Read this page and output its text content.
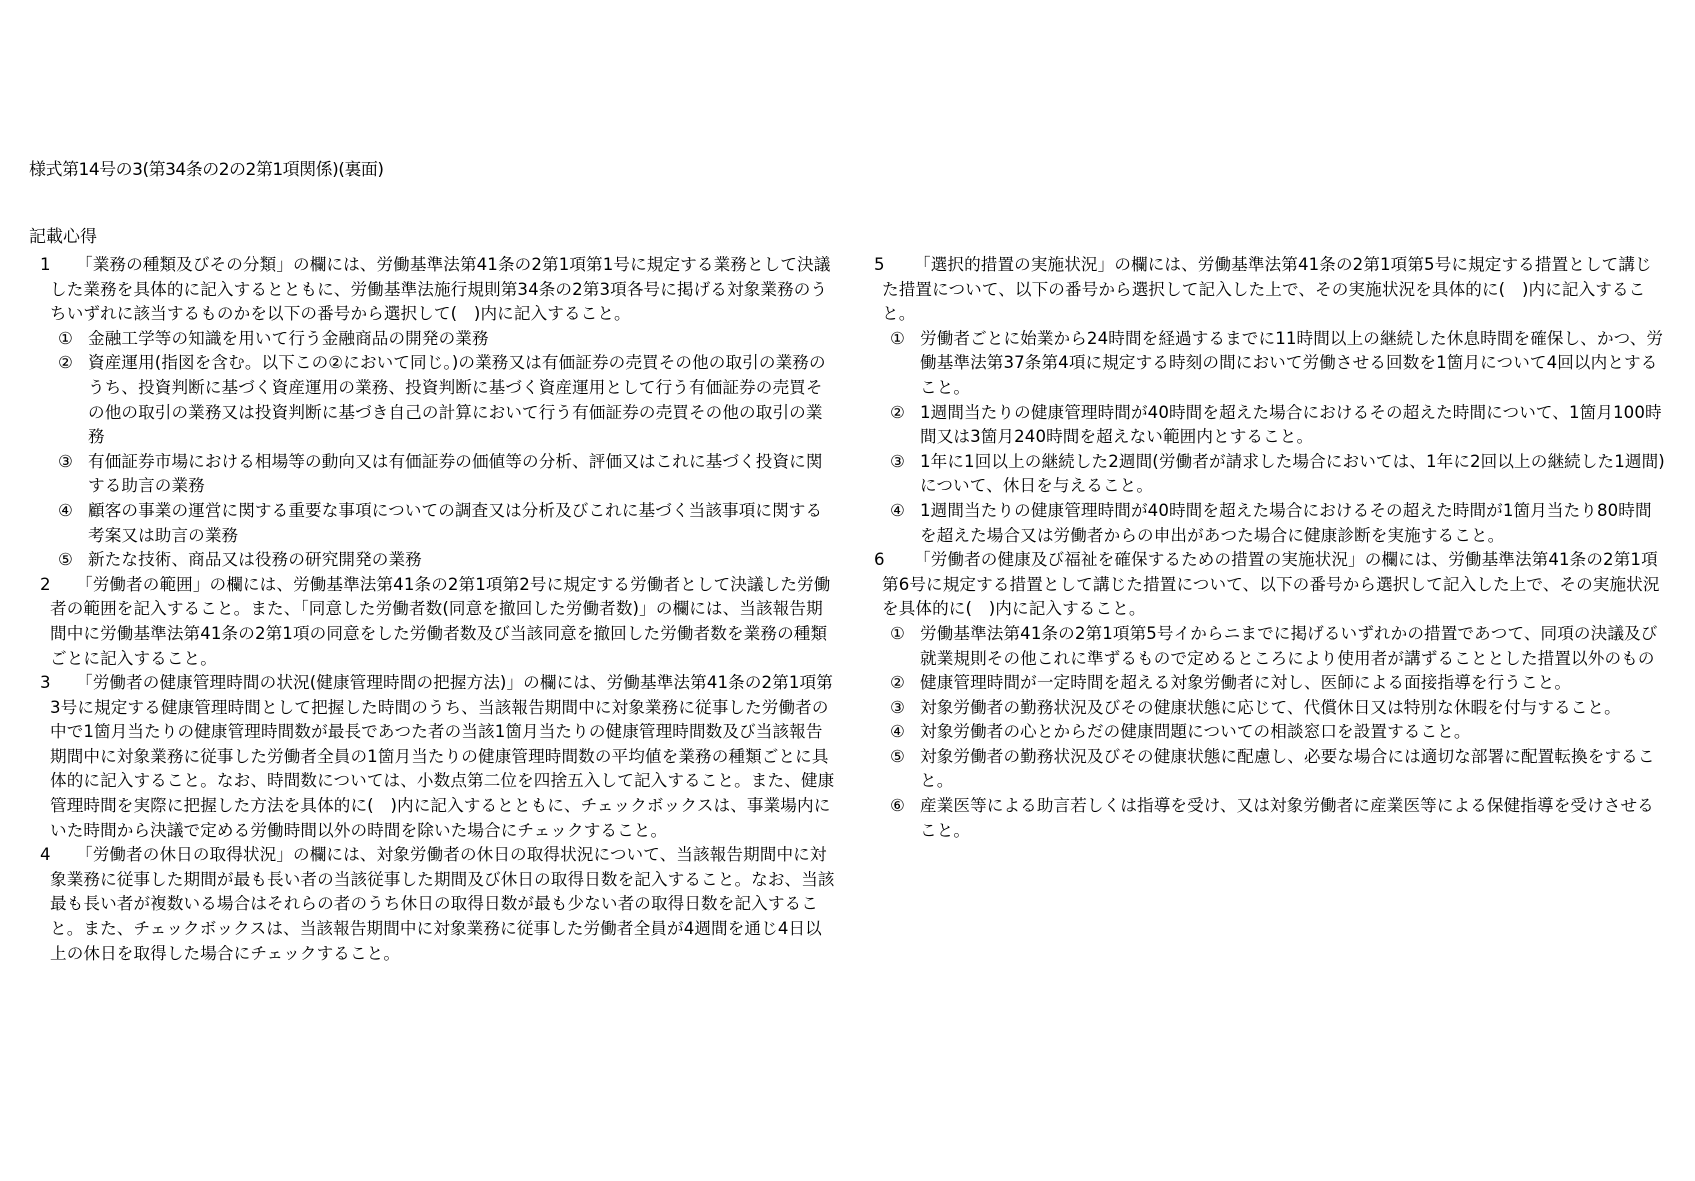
様式第14号の3(第34条の2の2第1項関係)(裏面)
記載心得
1	「業務の種類及びその分類」の欄には、労働基準法第41条の2第1項第1号に規定する業務として決議した業務を具体的に記入するとともに、労働基準法施行規則第34条の2第3項各号に掲げる対象業務のうちいずれに該当するものかを以下の番号から選択して(　)内に記入すること。

① 金融工学等の知識を用いて行う金融商品の開発の業務

② 資産運用(指図を含む。以下この②において同じ。)の業務又は有価証券の売買その他の取引の業務のうち、投資判断に基づく資産運用の業務、投資判断に基づく資産運用として行う有価証券の売買その他の取引の業務又は投資判断に基づき自己の計算において行う有価証券の売買その他の取引の業務

③ 有価証券市場における相場等の動向又は有価証券の価値等の分析、評価又はこれに基づく投資に関する助言の業務

④ 顧客の事業の運営に関する重要な事項についての調査又は分析及びこれに基づく当該事項に関する考案又は助言の業務

⑤ 新たな技術、商品又は役務の研究開発の業務

2	「労働者の範囲」の欄には、労働基準法第41条の2第1項第2号に規定する労働者として決議した労働者の範囲を記入すること。また、「同意した労働者数(同意を撤回した労働者数)」の欄には、当該報告期間中に労働基準法第41条の2第1項の同意をした労働者数及び当該同意を撤回した労働者数を業務の種類ごとに記入すること。

3	「労働者の健康管理時間の状況(健康管理時間の把握方法)」の欄には、労働基準法第41条の2第1項第3号に規定する健康管理時間として把握した時間のうち、当該報告期間中に対象業務に従事した労働者の中で1箇月当たりの健康管理時間数が最長であつた者の当該1箇月当たりの健康管理時間数及び当該報告期間中に対象業務に従事した労働者全員の1箇月当たりの健康管理時間数の平均値を業務の種類ごとに具体的に記入すること。なお、時間数については、小数点第二位を四捨五入して記入すること。また、健康管理時間を実際に把握した方法を具体的に(　)内に記入するとともに、チェックボックスは、事業場内にいた時間から決議で定める労働時間以外の時間を除いた場合にチェックすること。

4	「労働者の休日の取得状況」の欄には、対象労働者の休日の取得状況について、当該報告期間中に対象業務に従事した期間が最も長い者の当該従事した期間及び休日の取得日数を記入すること。なお、当該最も長い者が複数いる場合はそれらの者のうち休日の取得日数が最も少ない者の取得日数を記入すること。また、チェックボックスは、当該報告期間中に対象業務に従事した労働者全員が4週間を通じ4日以上の休日を取得した場合にチェックすること。

5	「選択的措置の実施状況」の欄には、労働基準法第41条の2第1項第5号に規定する措置として講じた措置について、以下の番号から選択して記入した上で、その実施状況を具体的に(　)内に記入すること。

① 労働者ごとに始業から24時間を経過するまでに11時間以上の継続した休息時間を確保し、かつ、労働基準法第37条第4項に規定する時刻の間において労働させる回数を1箇月について4回以内とすること。

② 1週間当たりの健康管理時間が40時間を超えた場合におけるその超えた時間について、1箇月100時間又は3箇月240時間を超えない範囲内とすること。

③ 1年に1回以上の継続した2週間(労働者が請求した場合においては、1年に2回以上の継続した1週間)について、休日を与えること。

④ 1週間当たりの健康管理時間が40時間を超えた場合におけるその超えた時間が1箇月当たり80時間を超えた場合又は労働者からの申出があつた場合に健康診断を実施すること。

6	「労働者の健康及び福祉を確保するための措置の実施状況」の欄には、労働基準法第41条の2第1項第6号に規定する措置として講じた措置について、以下の番号から選択して記入した上で、その実施状況を具体的に(　)内に記入すること。

① 労働基準法第41条の2第1項第5号イからニまでに掲げるいずれかの措置であつて、同項の決議及び就業規則その他これに準ずるもので定めるところにより使用者が講ずることとした措置以外のもの

② 健康管理時間が一定時間を超える対象労働者に対し、医師による面接指導を行うこと。

③ 対象労働者の勤務状況及びその健康状態に応じて、代償休日又は特別な休暇を付与すること。

④ 対象労働者の心とからだの健康問題についての相談窓口を設置すること。

⑤ 対象労働者の勤務状況及びその健康状態に配慮し、必要な場合には適切な部署に配置転換をすること。

⑥ 産業医等による助言若しくは指導を受け、又は対象労働者に産業医等による保健指導を受けさせること。
